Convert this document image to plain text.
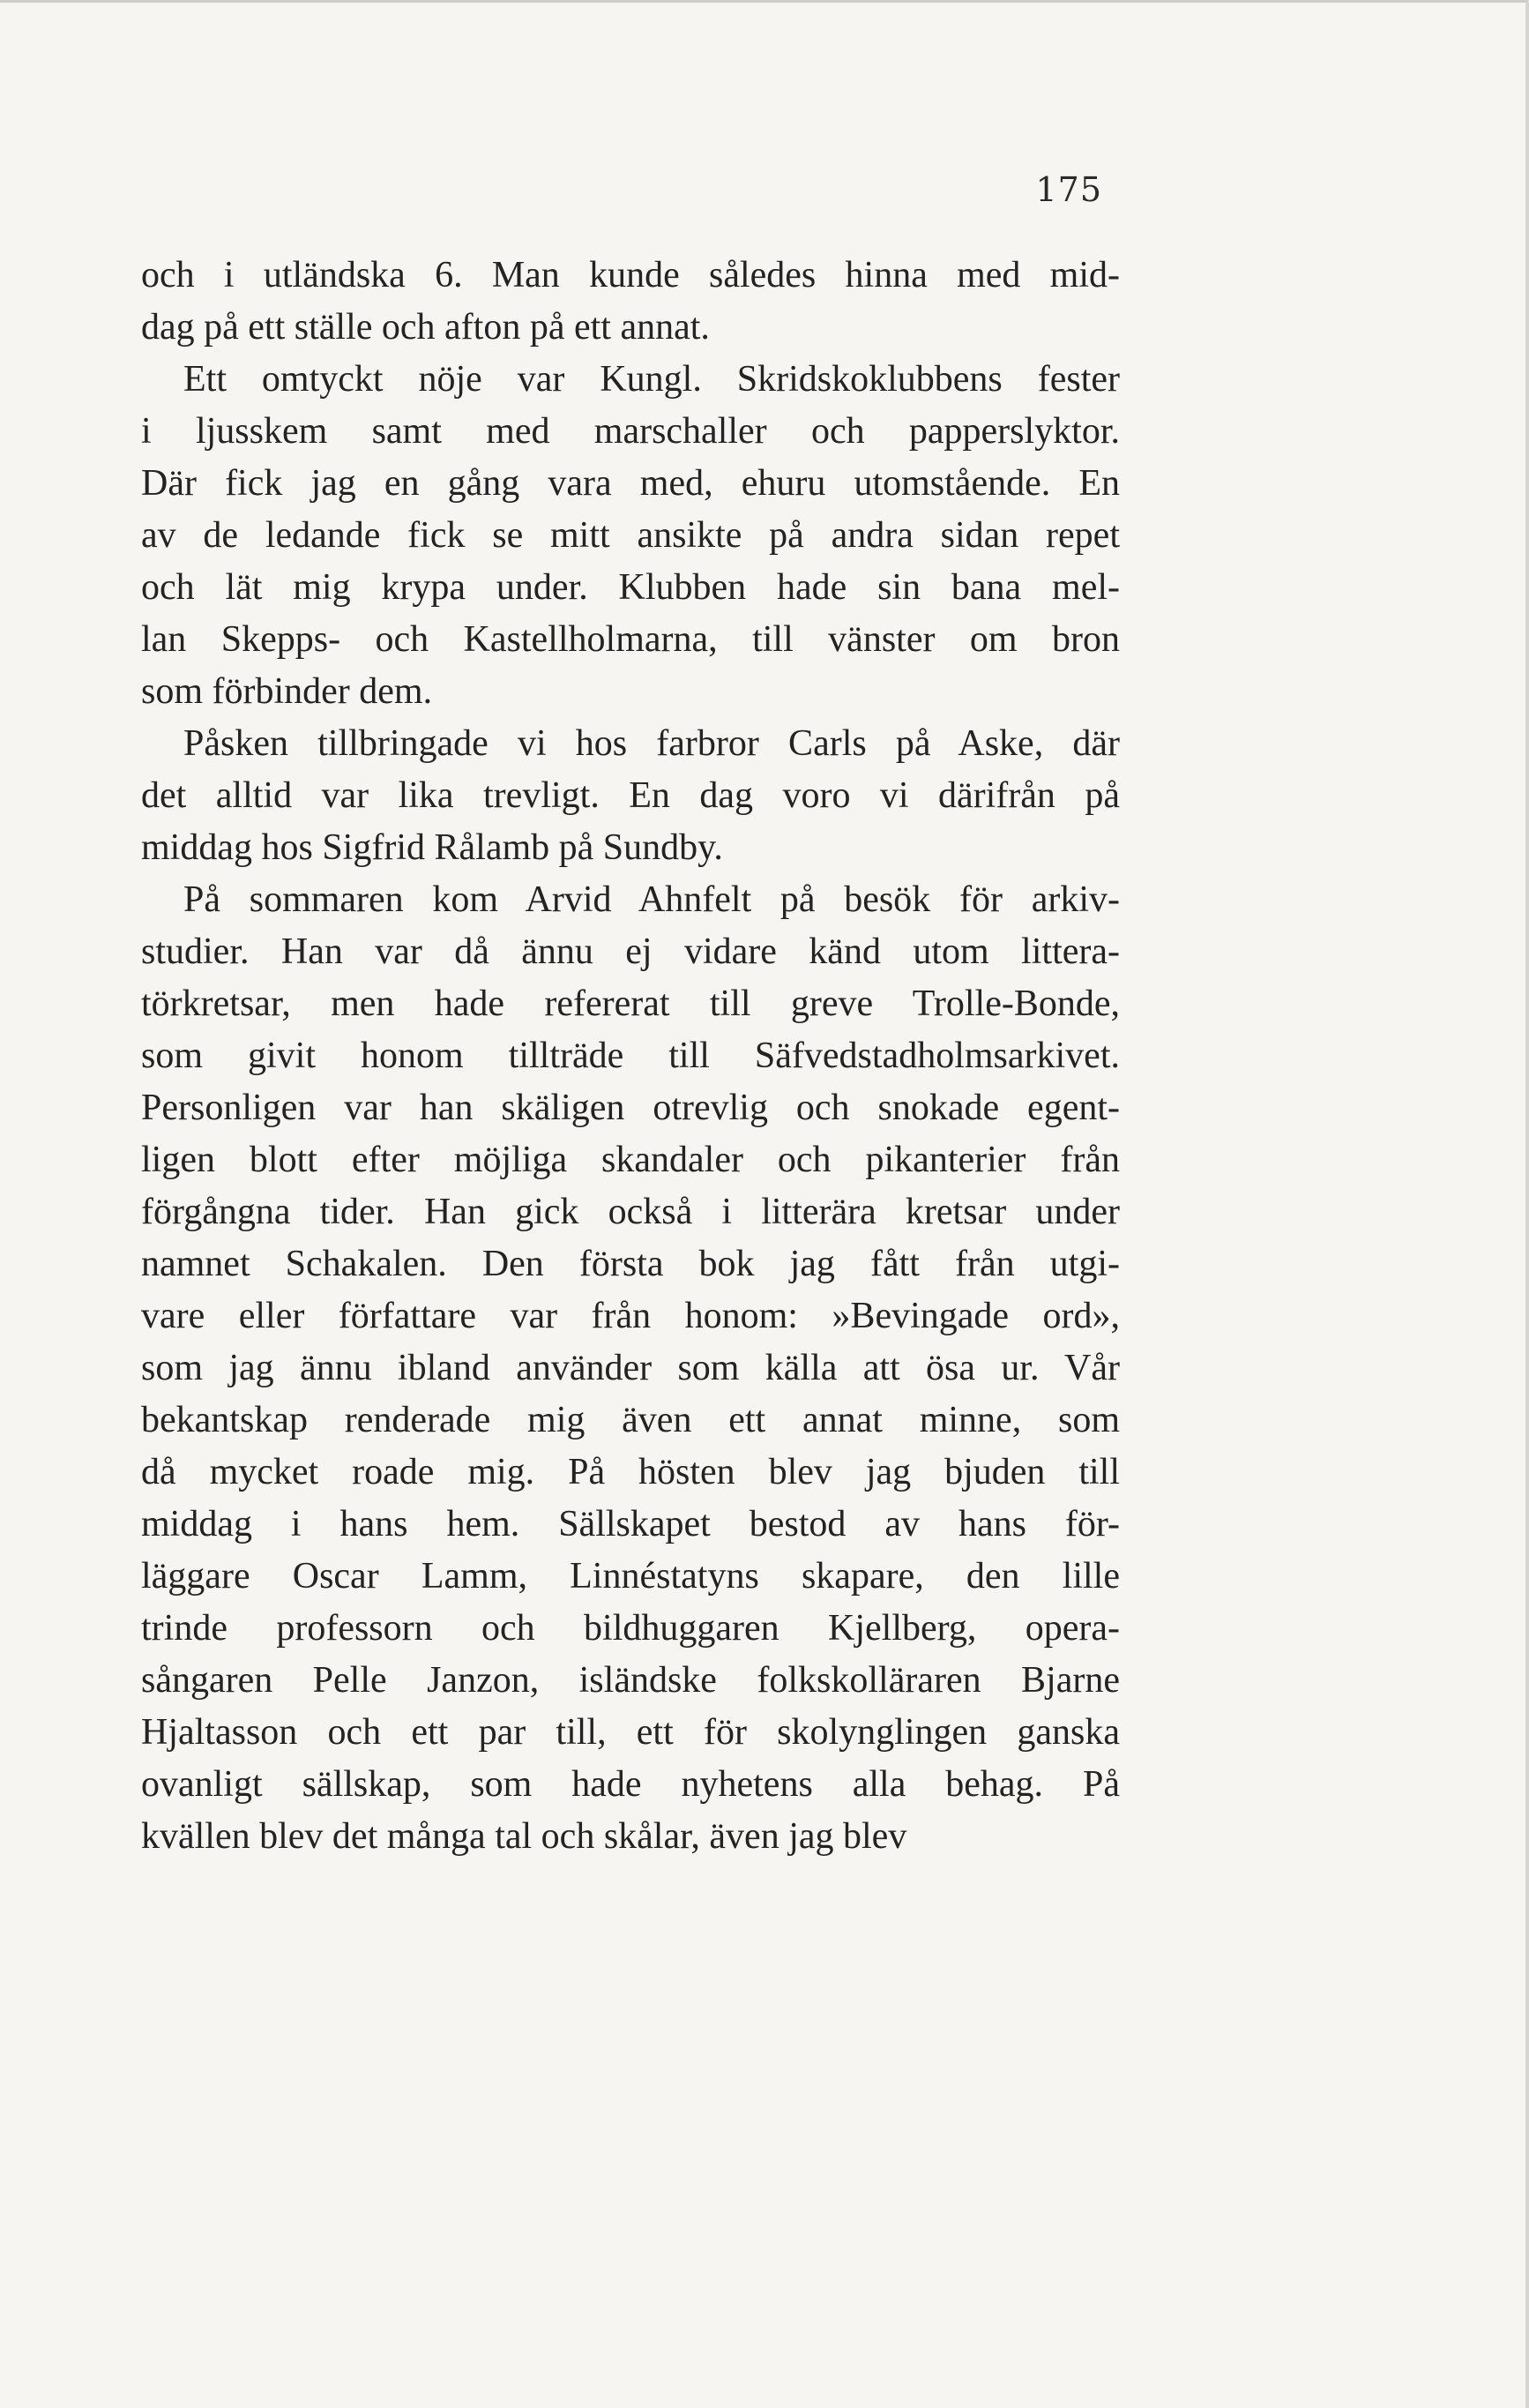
175
och i utländska 6. Man kunde således hinna med mid-
dag på ett ställe och afton på ett annat.
Ett omtyckt nöje var Kungl. Skridskoklubbens fester
i ljusskem samt med marschaller och papperslyktor.
Där fick jag en gång vara med, ehuru utomstående. En
av de ledande fick se mitt ansikte på andra sidan repet
och lät mig krypa under. Klubben hade sin bana mel-
lan Skepps- och Kastellholmarna, till vänster om bron
som förbinder dem.
Påsken tillbringade vi hos farbror Carls på Aske, där
det alltid var lika trevligt. En dag voro vi därifrån på
middag hos Sigfrid Rålamb på Sundby.
På sommaren kom Arvid Ahnfelt på besök för arkiv-
studier. Han var då ännu ej vidare känd utom littera-
törkretsar, men hade refererat till greve Trolle-Bonde,
som givit honom tillträde till Säfvedstadholmsarkivet.
Personligen var han skäligen otrevlig och snokade egent-
ligen blott efter möjliga skandaler och pikanterier från
förgångna tider. Han gick också i litterära kretsar under
namnet Schakalen. Den första bok jag fått från utgi-
vare eller författare var från honom: »Bevingade ord»,
som jag ännu ibland använder som källa att ösa ur. Vår
bekantskap renderade mig även ett annat minne, som
då mycket roade mig. På hösten blev jag bjuden till
middag i hans hem. Sällskapet bestod av hans för-
läggare Oscar Lamm, Linnéstatyns skapare, den lille
trinde professorn och bildhuggaren Kjellberg, opera-
sångaren Pelle Janzon, isländske folkskolläraren Bjarne
Hjaltasson och ett par till, ett för skolynglingen ganska
ovanligt sällskap, som hade nyhetens alla behag. På
kvällen blev det många tal och skålar, även jag blev
